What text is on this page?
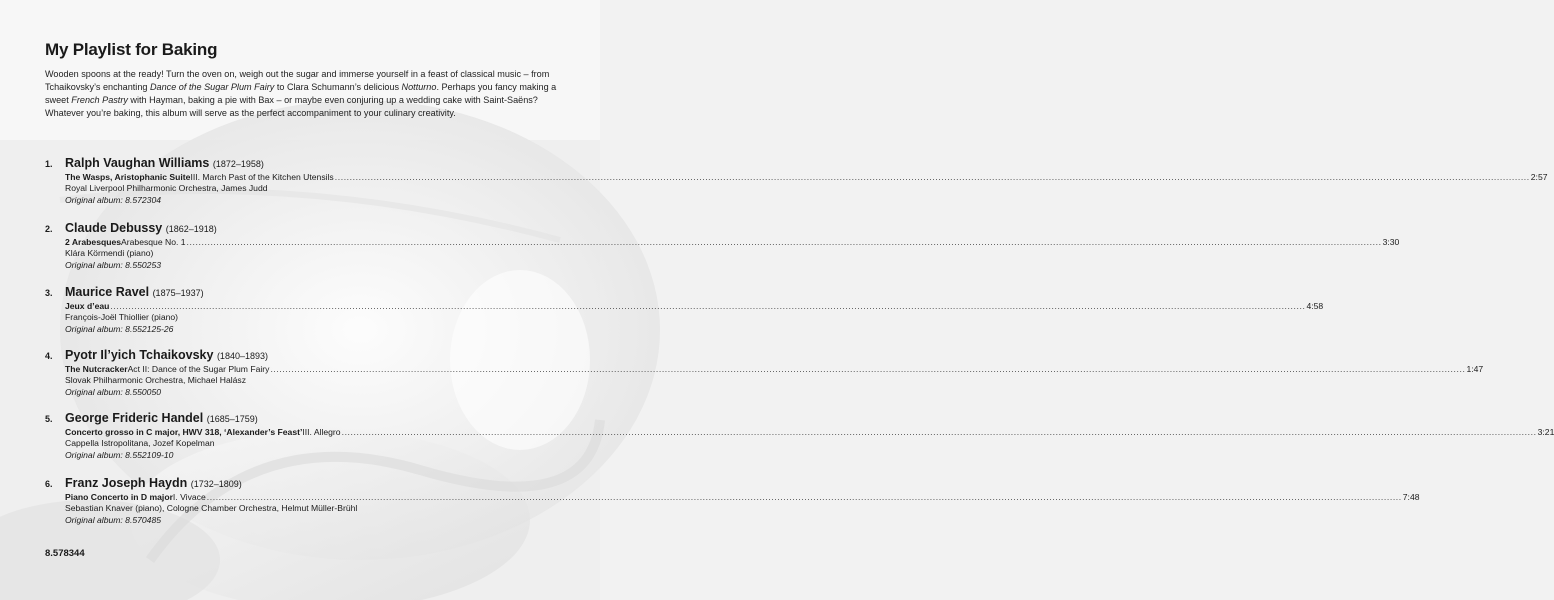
My Playlist for Baking
Wooden spoons at the ready! Turn the oven on, weigh out the sugar and immerse yourself in a feast of classical music – from Tchaikovsky’s enchanting Dance of the Sugar Plum Fairy to Clara Schumann’s delicious Notturno. Perhaps you fancy making a sweet French Pastry with Hayman, baking a pie with Bax – or maybe even conjuring up a wedding cake with Saint-Saëns? Whatever you’re baking, this album will serve as the perfect accompaniment to your culinary creativity.
1. Ralph Vaughan Williams (1872–1958)
The Wasps, Aristophanic Suite III. March Past of the Kitchen Utensils ................................................................................................................................................................................................................................................................................................................................................................................................................ 2:57
Royal Liverpool Philharmonic Orchestra, James Judd
Original album: 8.572304
2. Claude Debussy (1862–1918)
2 Arabesques Arabesque No. 1 ................................................................................................................................................................................................................................................................................................................................................................................................................ 3:30
Klára Körmendi (piano)
Original album: 8.550253
3. Maurice Ravel (1875–1937)
Jeux d’eau ................................................................................................................................................................................................................................................................................................................................................................................................................ 4:58
François-Joël Thiollier (piano)
Original album: 8.552125-26
4. Pyotr Il’yich Tchaikovsky (1840–1893)
The Nutcracker Act II: Dance of the Sugar Plum Fairy ................................................................................................................................................................................................................................................................................................................................................................................................................ 1:47
Slovak Philharmonic Orchestra, Michael Halász
Original album: 8.550050
5. George Frideric Handel (1685–1759)
Concerto grosso in C major, HWV 318, ‘Alexander’s Feast’ III. Allegro ................................................................................................................................................................................................................................................................................................................................................................................................................ 3:21
Cappella Istropolitana, Jozef Kopelman
Original album: 8.552109-10
6. Franz Joseph Haydn (1732–1809)
Piano Concerto in D major I. Vivace ................................................................................................................................................................................................................................................................................................................................................................................................................ 7:48
Sebastian Knaver (piano), Cologne Chamber Orchestra, Helmut Müller-Brühl
Original album: 8.570485
8.578344
